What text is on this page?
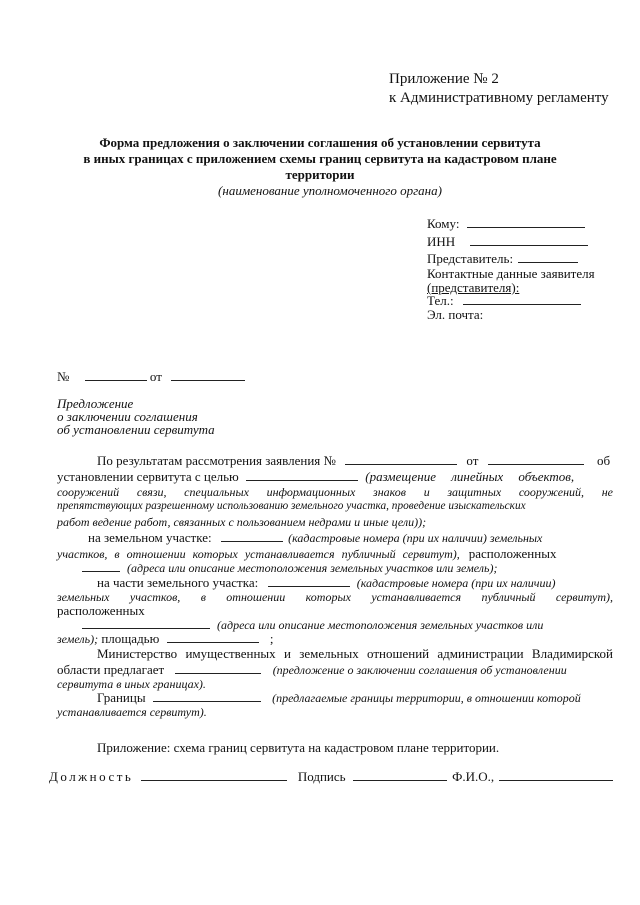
Приложение № 2
к Административному регламенту
Форма предложения о заключении соглашения об установлении сервитута
в иных границах с приложением схемы границ сервитута на кадастровом плане
территории
(наименование уполномоченного органа)
Кому:
ИНН
Представитель:
Контактные данные заявителя
(представителя):
Тел.:
Эл. почта:
№	от
Предложение
о заключении соглашения
об установлении сервитута
По результатам рассмотрения заявления №	от	об
установлении сервитута с целью	(размещение линейных объектов,
сооружений связи, специальных информационных знаков и защитных сооружений, не
препятствующих разрешенному использованию земельного участка, проведение изыскательских
работ ведение работ, связанных с пользованием недрами и иные цели));
на земельном участке:	(кадастровые номера (при их наличии) земельных
участков, в отношении которых устанавливается публичный сервитут), расположенных
(адреса или описание местоположения земельных участков или земель);
на части земельного участка:	(кадастровые номера (при их наличии)
земельных участков, в отношении которых устанавливается публичный сервитут),
расположенных
(адреса или описание местоположения земельных участков или
земель); площадью	;
Министерство имущественных и земельных отношений администрации Владимирской
области предлагает	(предложение о заключении соглашения об установлении
сервитута в иных границах).
Границы	(предлагаемые границы территории, в отношении которой
устанавливается сервитут).
Приложение: схема границ сервитута на кадастровом плане территории.
Должность	Подпись	Ф.И.О.,
